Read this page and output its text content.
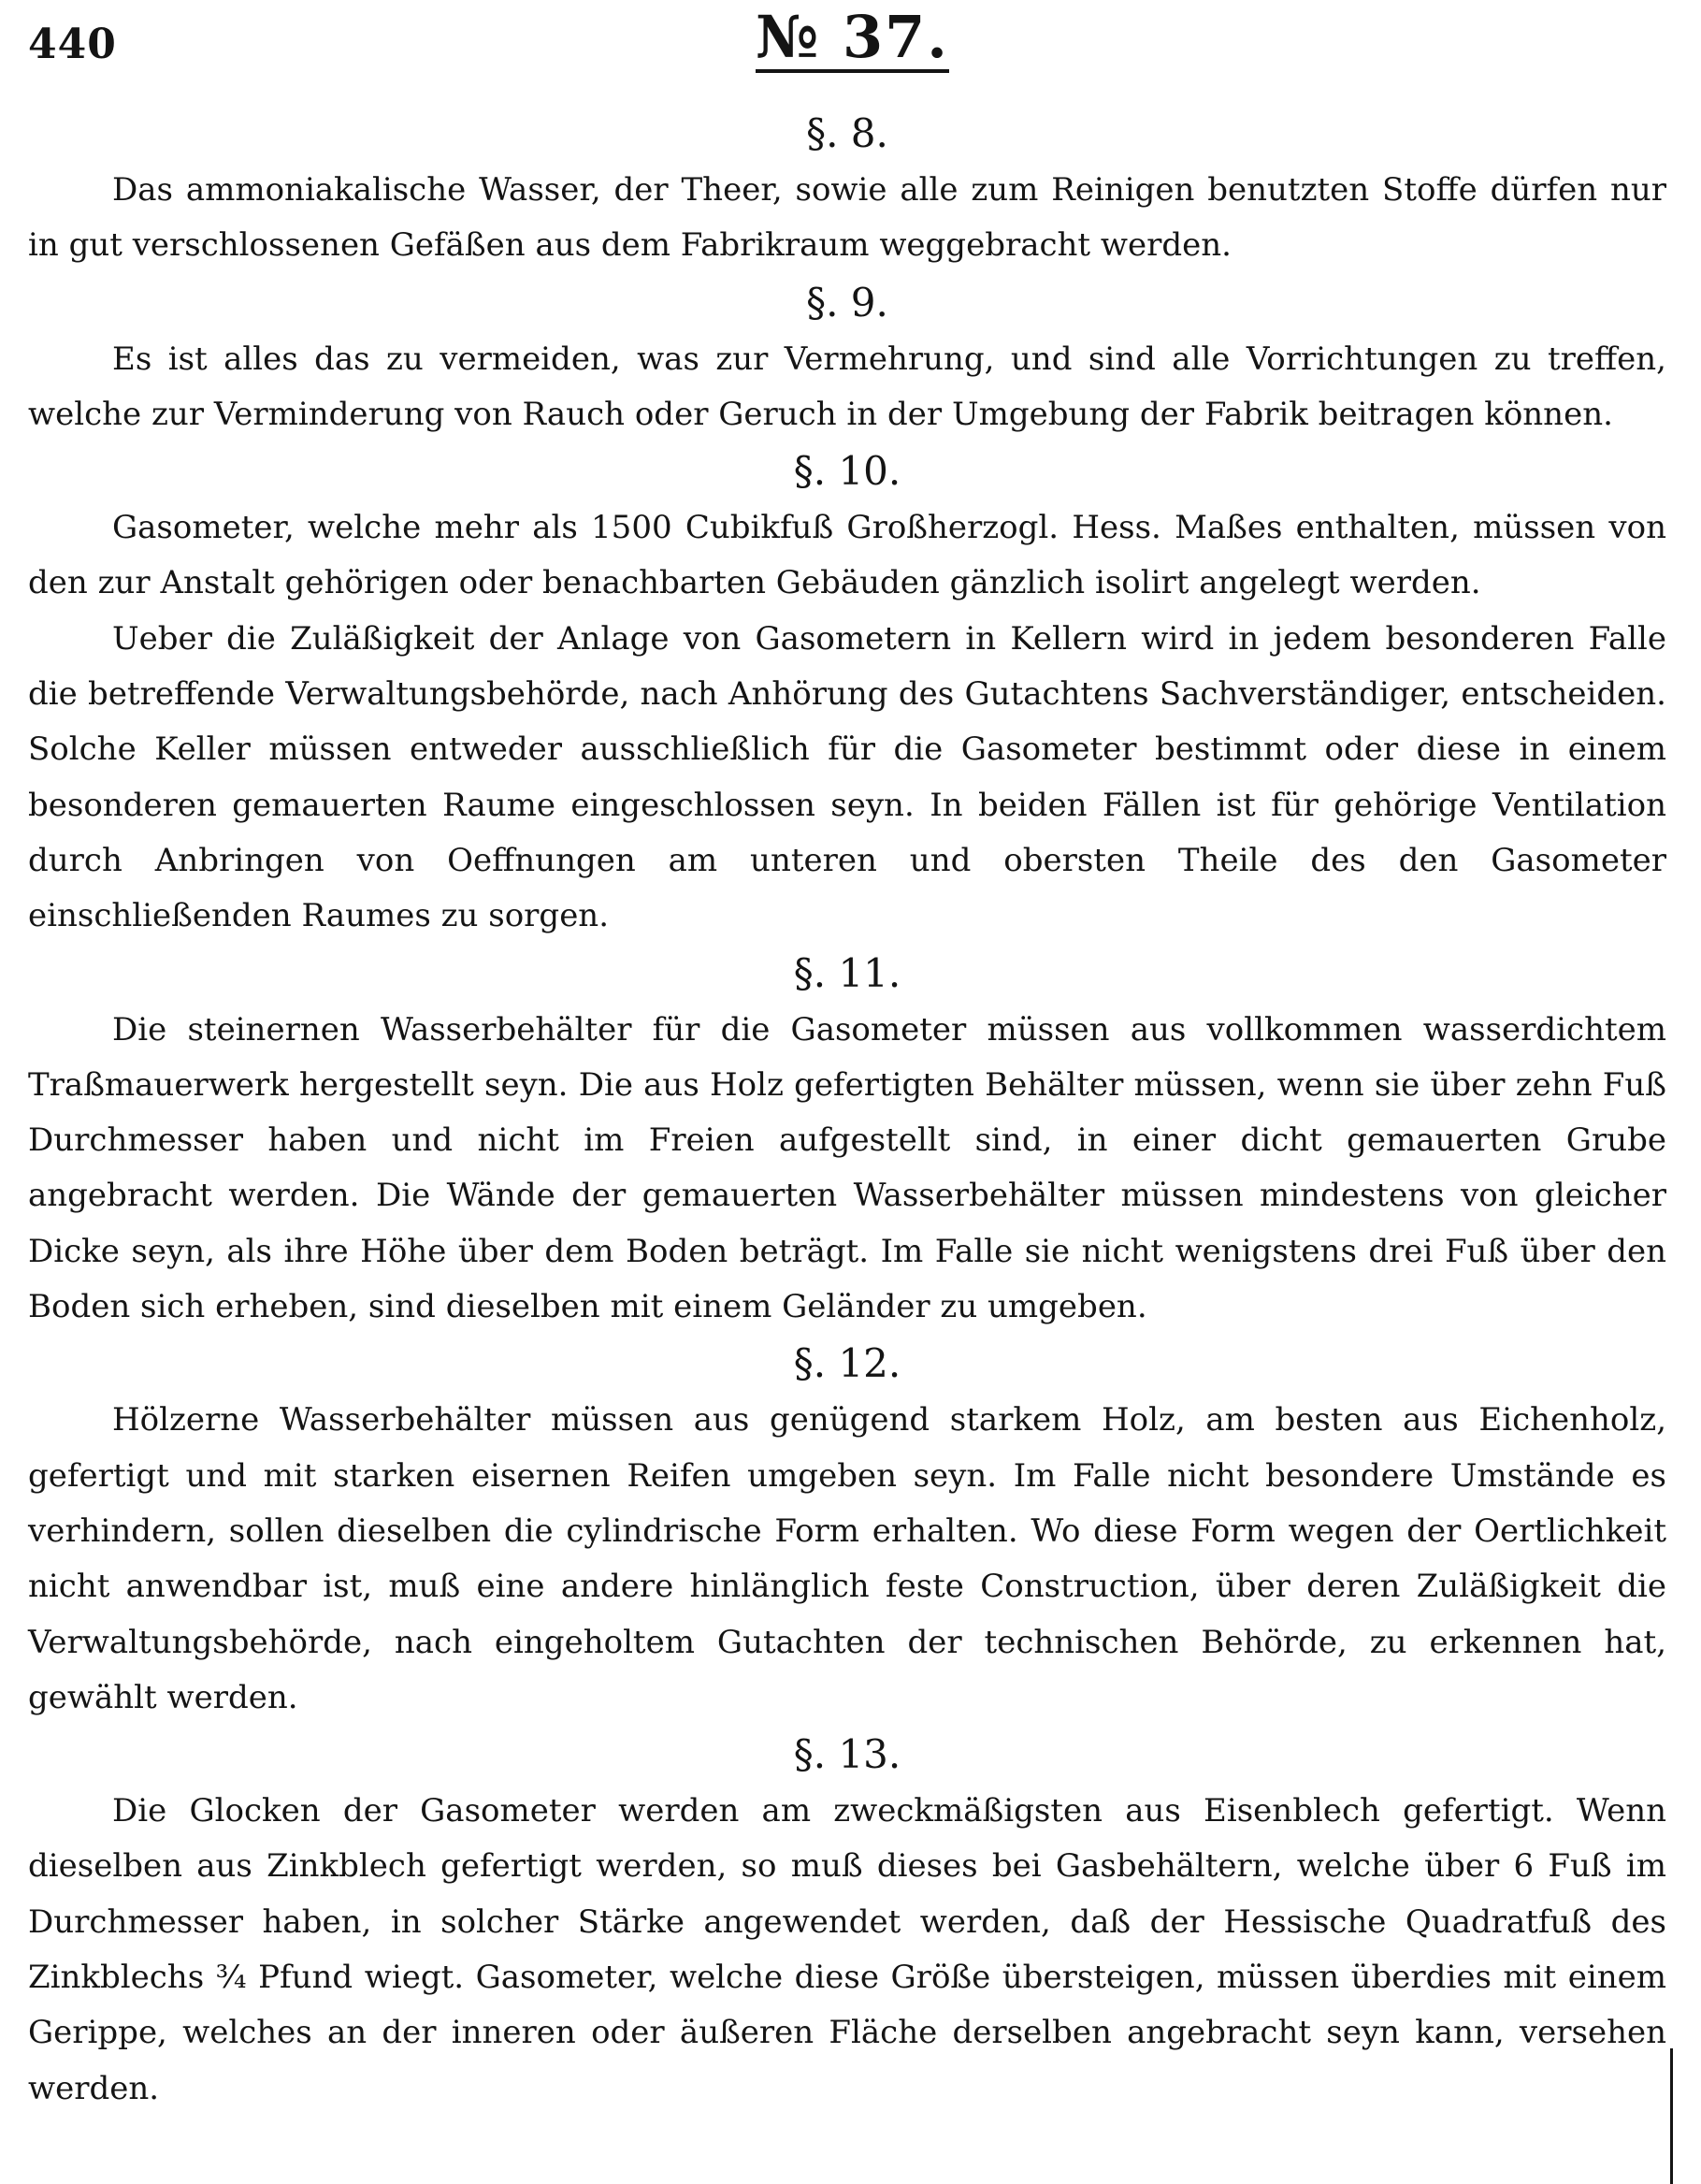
440	№ 37.
§. 8.

Das ammoniakalische Wasser, der Theer, sowie alle zum Reinigen benutzten Stoffe dürfen nur in gut verschlossenen Gefäßen aus dem Fabrikraum weggebracht werden.

§. 9.

Es ist alles das zu vermeiden, was zur Vermehrung, und sind alle Vorrichtungen zu treffen, welche zur Verminderung von Rauch oder Geruch in der Umgebung der Fabrik beitragen können.

§. 10.

Gasometer, welche mehr als 1500 Cubikfuß Großherzogl. Hess. Maßes enthalten, müssen von den zur Anstalt gehörigen oder benachbarten Gebäuden gänzlich isolirt angelegt werden.

Ueber die Zuläßigkeit der Anlage von Gasometern in Kellern wird in jedem besonderen Falle die betreffende Verwaltungsbehörde, nach Anhörung des Gutachtens Sachverständiger, entscheiden. Solche Keller müssen entweder ausschließlich für die Gasometer bestimmt oder diese in einem besonderen gemauerten Raume eingeschlossen seyn. In beiden Fällen ist für gehörige Ventilation durch Anbringen von Oeffnungen am unteren und obersten Theile des den Gasometer einschließenden Raumes zu sorgen.

§. 11.

Die steinernen Wasserbehälter für die Gasometer müssen aus vollkommen wasserdichtem Traßmauerwerk hergestellt seyn. Die aus Holz gefertigten Behälter müssen, wenn sie über zehn Fuß Durchmesser haben und nicht im Freien aufgestellt sind, in einer dicht gemauerten Grube angebracht werden. Die Wände der gemauerten Wasserbehälter müssen mindestens von gleicher Dicke seyn, als ihre Höhe über dem Boden beträgt. Im Falle sie nicht wenigstens drei Fuß über den Boden sich erheben, sind dieselben mit einem Geländer zu umgeben.

§. 12.

Hölzerne Wasserbehälter müssen aus genügend starkem Holz, am besten aus Eichenholz, gefertigt und mit starken eisernen Reifen umgeben seyn. Im Falle nicht besondere Umstände es verhindern, sollen dieselben die cylindrische Form erhalten. Wo diese Form wegen der Oertlichkeit nicht anwendbar ist, muß eine andere hinlänglich feste Construction, über deren Zuläßigkeit die Verwaltungsbehörde, nach eingeholtem Gutachten der technischen Behörde, zu erkennen hat, gewählt werden.

§. 13.

Die Glocken der Gasometer werden am zweckmäßigsten aus Eisenblech gefertigt. Wenn dieselben aus Zinkblech gefertigt werden, so muß dieses bei Gasbehältern, welche über 6 Fuß im Durchmesser haben, in solcher Stärke angewendet werden, daß der Hessische Quadratfuß des Zinkblechs ¾ Pfund wiegt. Gasometer, welche diese Größe übersteigen, müssen überdies mit einem Gerippe, welches an der inneren oder äußeren Fläche derselben angebracht seyn kann, versehen werden.
